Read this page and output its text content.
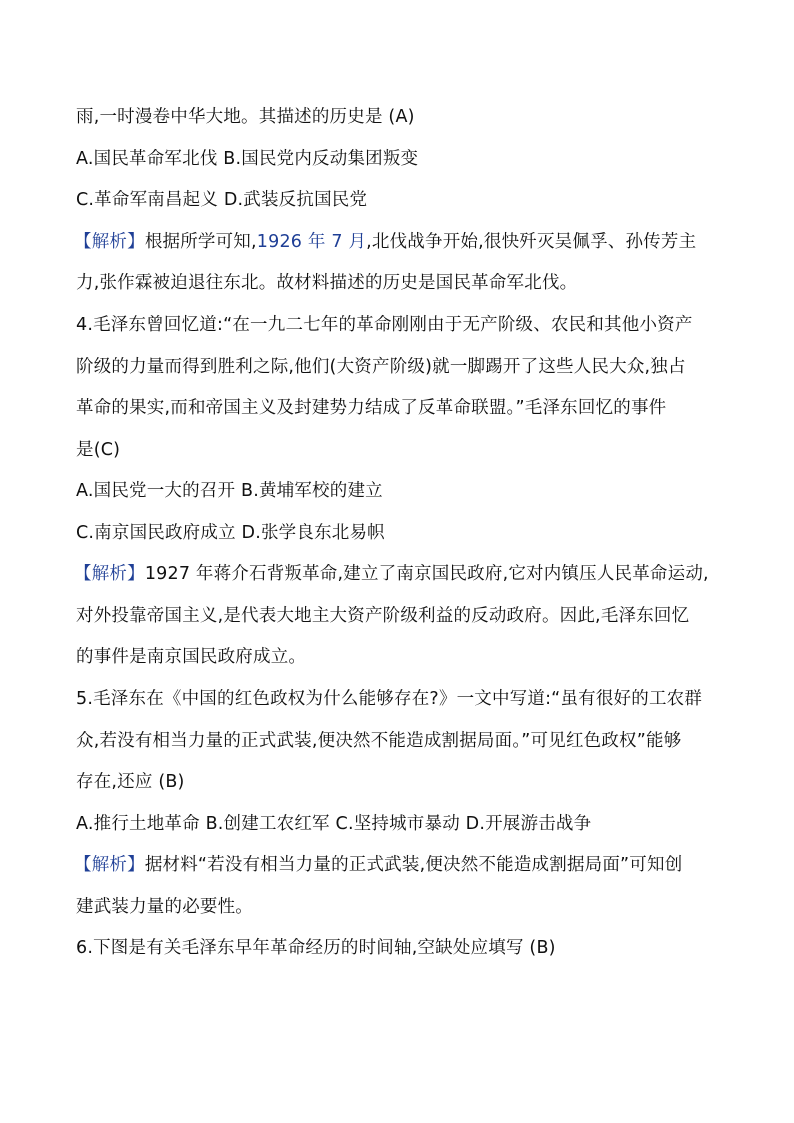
雨,一时漫卷中华大地。其描述的历史是 (A)
A.国民革命军北伐 B.国民党内反动集团叛变
C.革命军南昌起义 D.武装反抗国民党
【解析】根据所学可知,1926 年 7 月,北伐战争开始,很快歼灭吴佩孚、孙传芳主
力,张作霖被迫退往东北。故材料描述的历史是国民革命军北伐。
4.毛泽东曾回忆道:“在一九二七年的革命刚刚由于无产阶级、农民和其他小资产
阶级的力量而得到胜利之际,他们(大资产阶级)就一脚踢开了这些人民大众,独占
革命的果实,而和帝国主义及封建势力结成了反革命联盟。”毛泽东回忆的事件
是(C)
A.国民党一大的召开 B.黄埔军校的建立
C.南京国民政府成立 D.张学良东北易帜
【解析】1927 年蒋介石背叛革命,建立了南京国民政府,它对内镇压人民革命运动,
对外投靠帝国主义,是代表大地主大资产阶级利益的反动政府。因此,毛泽东回忆
的事件是南京国民政府成立。
5.毛泽东在《中国的红色政权为什么能够存在?》一文中写道:“虽有很好的工农群
众,若没有相当力量的正式武装,便决然不能造成割据局面。”可见红色政权”能够
存在,还应 (B)
A.推行土地革命 B.创建工农红军 C.坚持城市暴动 D.开展游击战争
【解析】据材料“若没有相当力量的正式武装,便决然不能造成割据局面”可知创
建武装力量的必要性。
6.下图是有关毛泽东早年革命经历的时间轴,空缺处应填写 (B)
